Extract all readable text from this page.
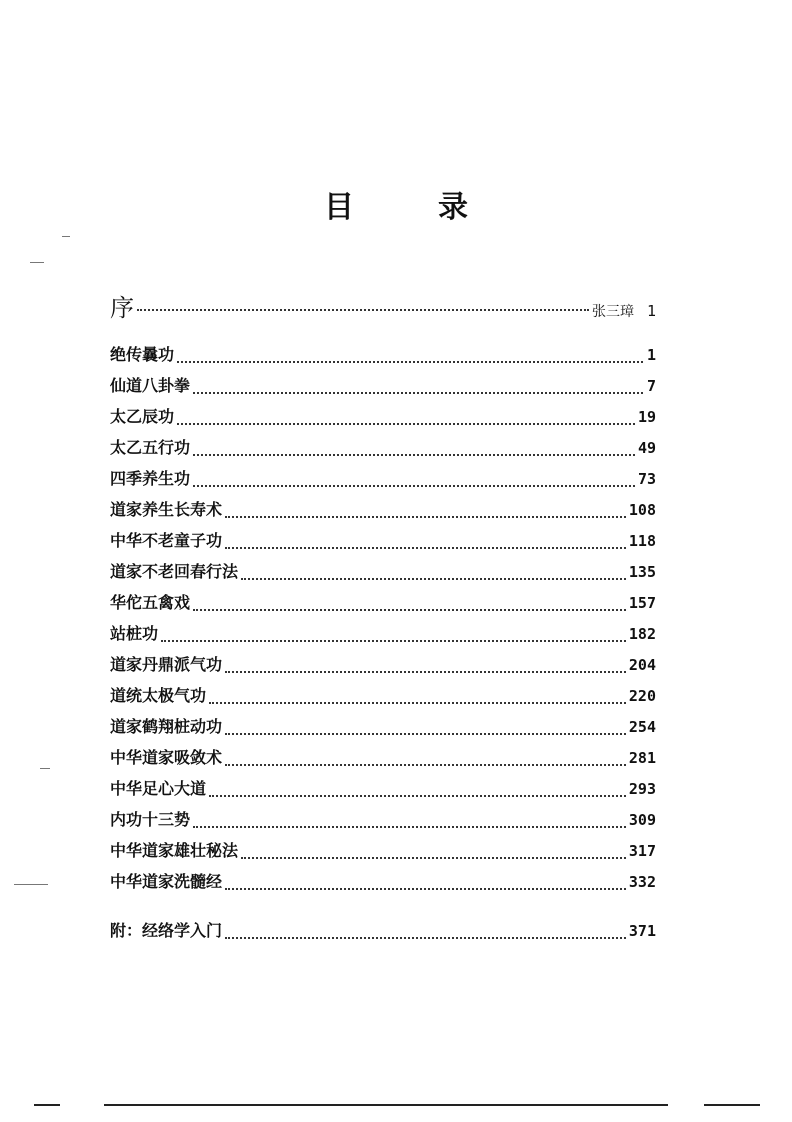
目	录
序	张三璋 1
绝传曩功	1
仙道八卦拳	7
太乙辰功	19
太乙五行功	49
四季养生功	73
道家养生长寿术	108
中华不老童子功	118
道家不老回春行法	135
华佗五禽戏	157
站桩功	182
道家丹鼎派气功	204
道统太极气功	220
道家鹤翔桩动功	254
中华道家吸敛术	281
中华足心大道	293
内功十三势	309
中华道家雄壮秘法	317
中华道家洗髓经	332
附：经络学入门	371
